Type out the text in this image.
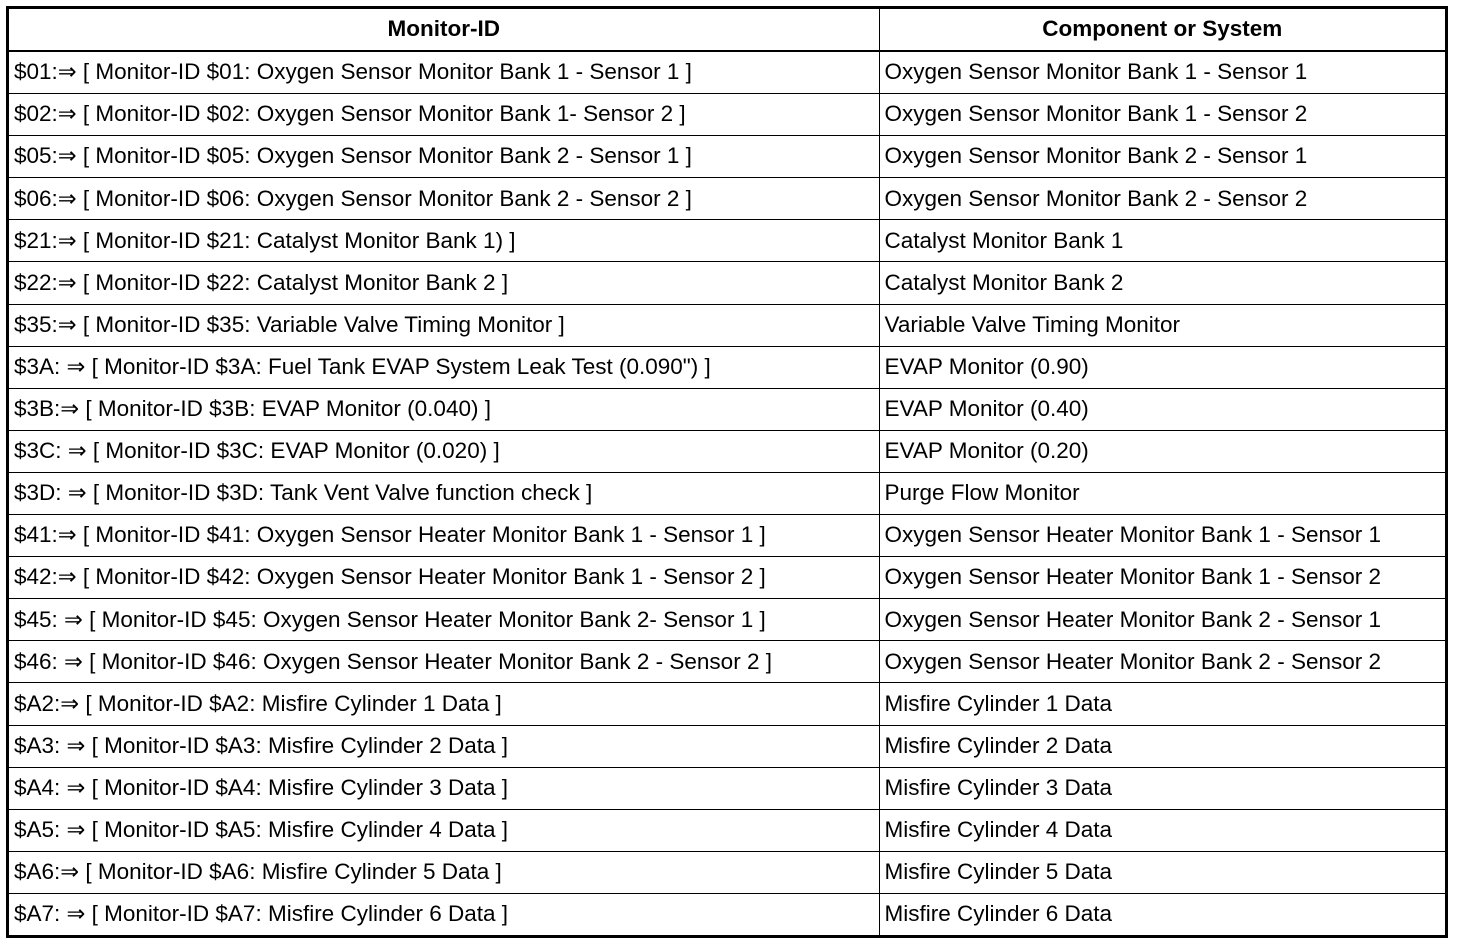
Monitor-ID	Component or System
$01:⇒ [ Monitor-ID $01: Oxygen Sensor Monitor Bank 1 - Sensor 1 ]	Oxygen Sensor Monitor Bank 1 - Sensor 1
$02:⇒ [ Monitor-ID $02: Oxygen Sensor Monitor Bank 1- Sensor 2 ]	Oxygen Sensor Monitor Bank 1 - Sensor 2
$05:⇒ [ Monitor-ID $05: Oxygen Sensor Monitor Bank 2 - Sensor 1 ]	Oxygen Sensor Monitor Bank 2 - Sensor 1
$06:⇒ [ Monitor-ID $06: Oxygen Sensor Monitor Bank 2 - Sensor 2 ]	Oxygen Sensor Monitor Bank 2 - Sensor 2
$21:⇒ [ Monitor-ID $21: Catalyst Monitor Bank 1) ]	Catalyst Monitor Bank 1
$22:⇒ [ Monitor-ID $22: Catalyst Monitor Bank 2 ]	Catalyst Monitor Bank 2
$35:⇒ [ Monitor-ID $35: Variable Valve Timing Monitor ]	Variable Valve Timing Monitor
$3A: ⇒ [ Monitor-ID $3A: Fuel Tank EVAP System Leak Test (0.090") ]	EVAP Monitor (0.90)
$3B:⇒ [ Monitor-ID $3B: EVAP Monitor (0.040) ]	EVAP Monitor (0.40)
$3C: ⇒ [ Monitor-ID $3C: EVAP Monitor (0.020) ]	EVAP Monitor (0.20)
$3D: ⇒ [ Monitor-ID $3D: Tank Vent Valve function check ]	Purge Flow Monitor
$41:⇒ [ Monitor-ID $41: Oxygen Sensor Heater Monitor Bank 1 - Sensor 1 ]	Oxygen Sensor Heater Monitor Bank 1 - Sensor 1
$42:⇒ [ Monitor-ID $42: Oxygen Sensor Heater Monitor Bank 1 - Sensor 2 ]	Oxygen Sensor Heater Monitor Bank 1 - Sensor 2
$45: ⇒ [ Monitor-ID $45: Oxygen Sensor Heater Monitor Bank 2- Sensor 1 ]	Oxygen Sensor Heater Monitor Bank 2 - Sensor 1
$46: ⇒ [ Monitor-ID $46: Oxygen Sensor Heater Monitor Bank 2 - Sensor 2 ]	Oxygen Sensor Heater Monitor Bank 2 - Sensor 2
$A2:⇒ [ Monitor-ID $A2: Misfire Cylinder 1 Data ]	Misfire Cylinder 1 Data
$A3: ⇒ [ Monitor-ID $A3: Misfire Cylinder 2 Data ]	Misfire Cylinder 2 Data
$A4: ⇒ [ Monitor-ID $A4: Misfire Cylinder 3 Data ]	Misfire Cylinder 3 Data
$A5: ⇒ [ Monitor-ID $A5: Misfire Cylinder 4 Data ]	Misfire Cylinder 4 Data
$A6:⇒ [ Monitor-ID $A6: Misfire Cylinder 5 Data ]	Misfire Cylinder 5 Data
$A7: ⇒ [ Monitor-ID $A7: Misfire Cylinder 6 Data ]	Misfire Cylinder 6 Data
